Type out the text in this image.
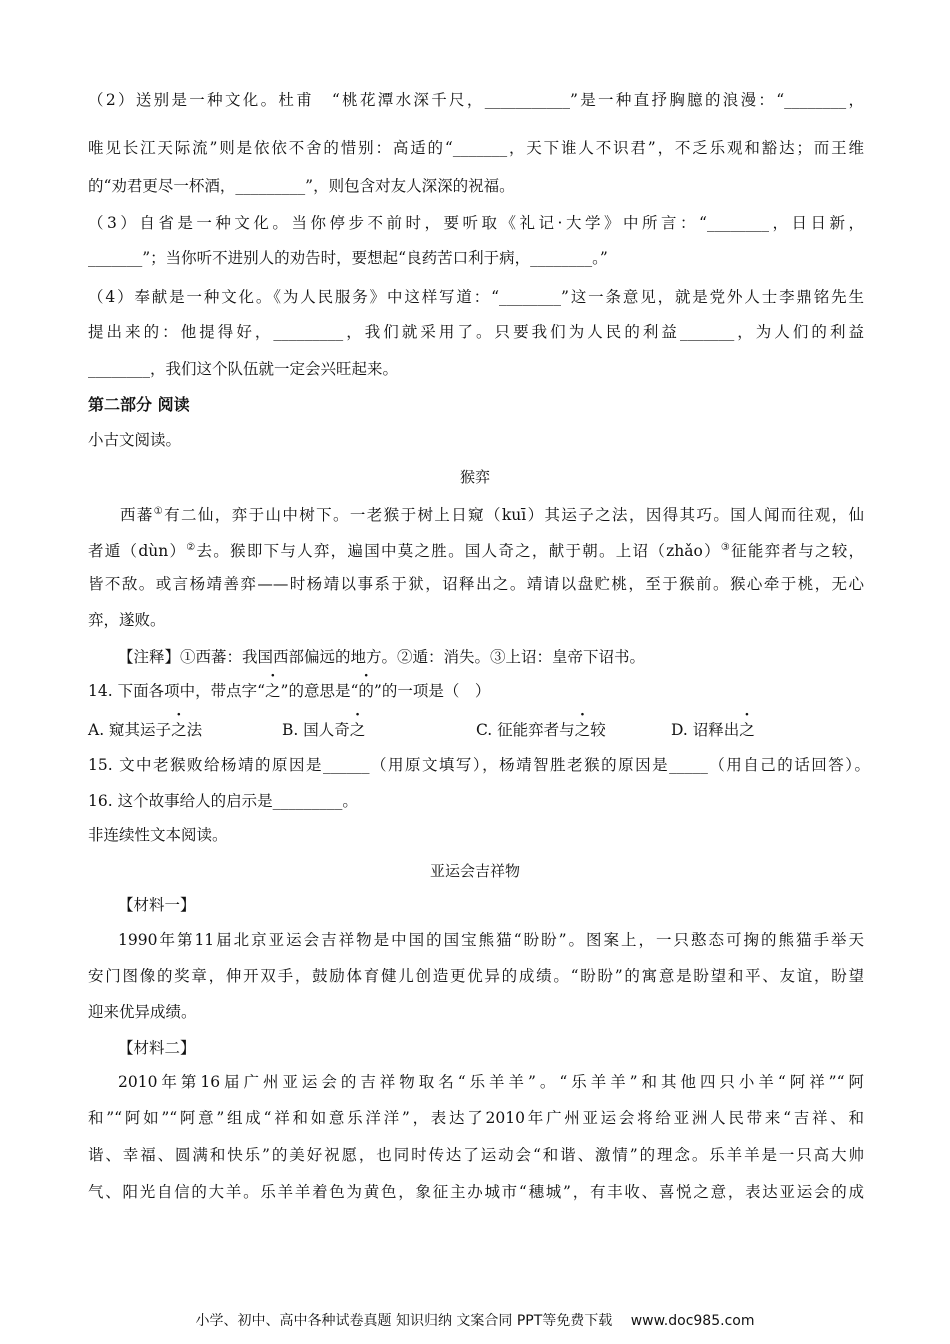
（2）送别是一种文化。杜甫　“桃花潭水深千尺，___________”是一种直抒胸臆的浪漫：“________，
唯见长江天际流”则是依依不舍的惜别：高适的“_______，天下谁人不识君”，不乏乐观和豁达；而王维
的“劝君更尽一杯酒，_________”，则包含对友人深深的祝福。
（3）自省是一种文化。当你停步不前时，要听取《礼记·大学》中所言：“________，日日新，
_______”；当你听不进别人的劝告时，要想起“良药苦口利于病，________。”
（4）奉献是一种文化。《为人民服务》中这样写道：“________”这一条意见，就是党外人士李鼎铭先生
提出来的：他提得好，_________，我们就采用了。只要我们为人民的利益_______，为人们的利益
________，我们这个队伍就一定会兴旺起来。
第二部分 阅读
小古文阅读。
猴弈
西蕃①有二仙，弈于山中树下。一老猴于树上日窥（kuī）其运子之法，因得其巧。国人闻而往观，仙
者遁（dùn）②去。猴即下与人弈，遍国中莫之胜。国人奇之，献于朝。上诏（zhǎo）③征能弈者与之较，
皆不敌。或言杨靖善弈——时杨靖以事系于狱，诏释出之。靖请以盘贮桃，至于猴前。猴心牵于桃，无心
弈，遂败。
【注释】①西蕃：我国西部偏远的地方。②遁：消失。③上诏：皇帝下诏书。
14. 下面各项中，带点字“之”的意思是“的”的一项是（　）
A. 窥其运子之法	B. 国人奇之	C. 征能弈者与之较	D. 诏释出之
15. 文中老猴败给杨靖的原因是______（用原文填写），杨靖智胜老猴的原因是_____（用自己的话回答）。
16. 这个故事给人的启示是_________。
非连续性文本阅读。
亚运会吉祥物
【材料一】
1990年第11届北京亚运会吉祥物是中国的国宝熊猫“盼盼”。图案上，一只憨态可掬的熊猫手举天
安门图像的奖章，伸开双手，鼓励体育健儿创造更优异的成绩。“盼盼”的寓意是盼望和平、友谊，盼望
迎来优异成绩。
【材料二】
2010年第16届广州亚运会的吉祥物取名“乐羊羊”。“乐羊羊”和其他四只小羊“阿祥”“阿
和”“阿如”“阿意”组成“祥和如意乐洋洋”，表达了2010年广州亚运会将给亚洲人民带来“吉祥、和
谐、幸福、圆满和快乐”的美好祝愿，也同时传达了运动会“和谐、激情”的理念。乐羊羊是一只高大帅
气、阳光自信的大羊。乐羊羊着色为黄色，象征主办城市“穗城”，有丰收、喜悦之意，表达亚运会的成
小学、初中、高中各种试卷真题 知识归纳 文案合同 PPT等免费下载　 www.doc985.com
